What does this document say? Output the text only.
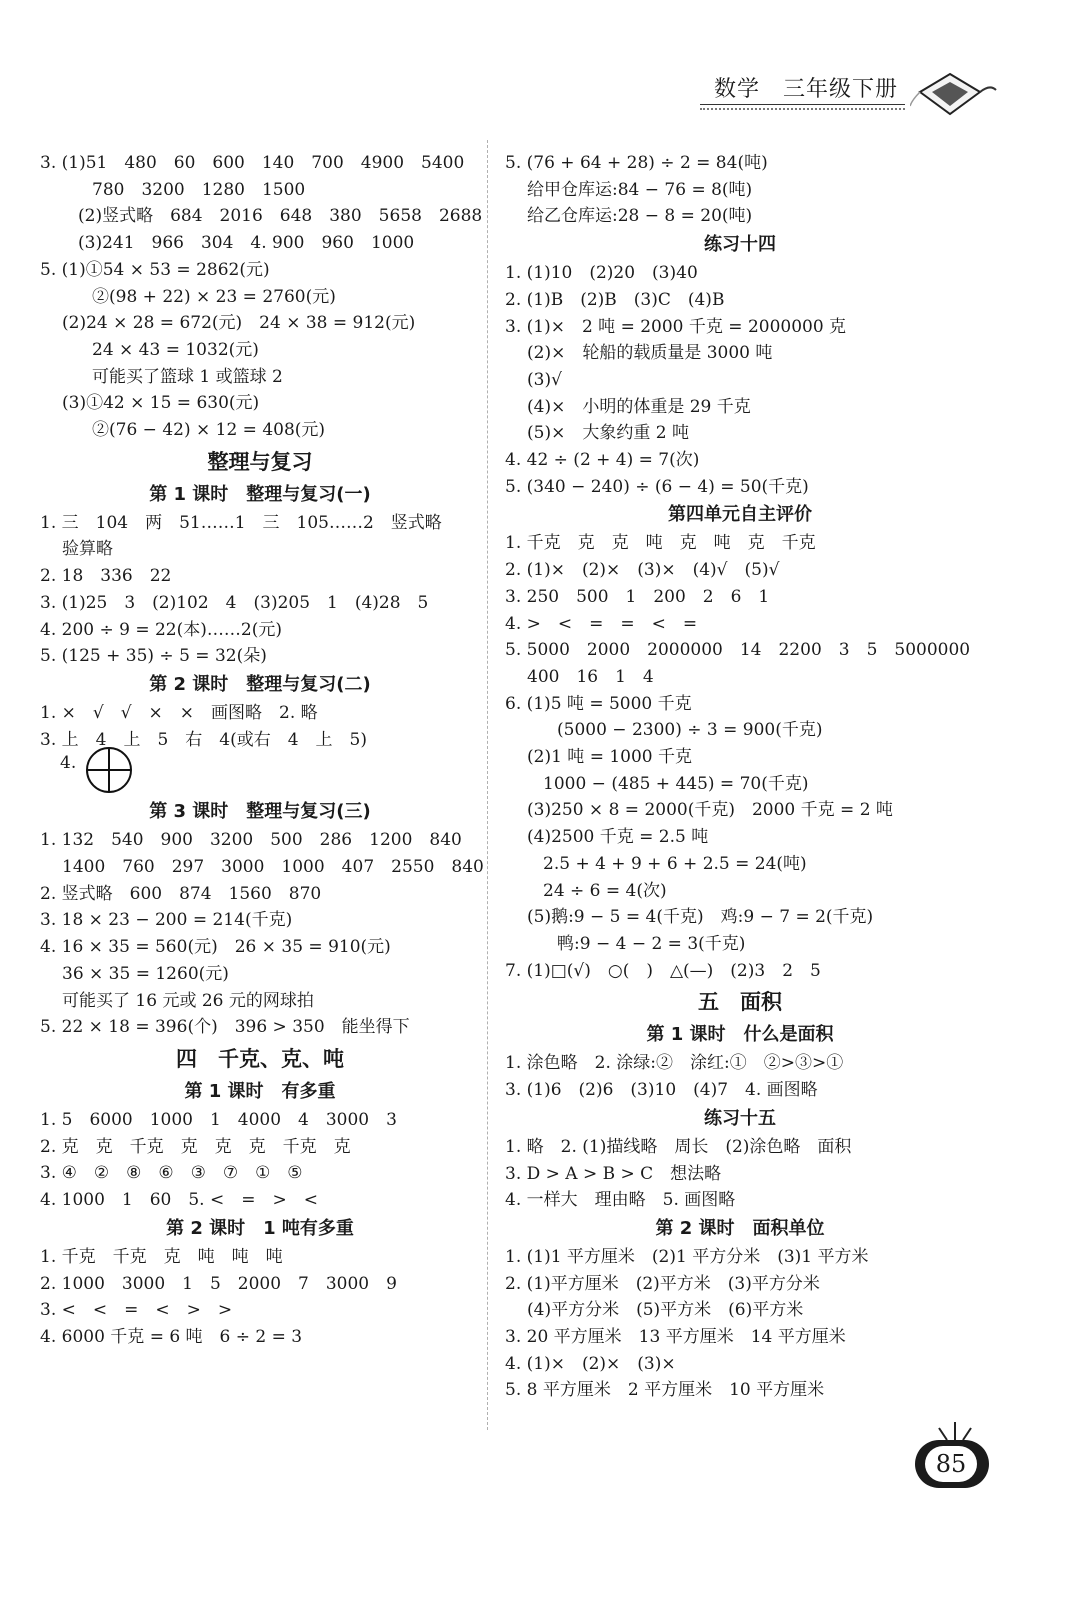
数学　三年级下册
3. (1)51　480　60　600　140　700　4900　5400
780　3200　1280　1500
(2)竖式略　684　2016　648　380　5658　2688
(3)241　966　304　4. 900　960　1000
5. (1)①54 × 53 = 2862(元)
②(98 + 22) × 23 = 2760(元)
(2)24 × 28 = 672(元)　24 × 38 = 912(元)
24 × 43 = 1032(元)
可能买了篮球 1 或篮球 2
(3)①42 × 15 = 630(元)
②(76 − 42) × 12 = 408(元)
整理与复习
第 1 课时　整理与复习(一)
1. 三　104　两　51……1　三　105……2　竖式略
验算略
2. 18　336　22
3. (1)25　3　(2)102　4　(3)205　1　(4)28　5
4. 200 ÷ 9 = 22(本)……2(元)
5. (125 + 35) ÷ 5 = 32(朵)
第 2 课时　整理与复习(二)
1. ×　√　√　×　×　画图略　2. 略
3. 上　4　上　5　右　4(或右　4　上　5)
4.
第 3 课时　整理与复习(三)
1. 132　540　900　3200　500　286　1200　840
1400　760　297　3000　1000　407　2550　840
2. 竖式略　600　874　1560　870
3. 18 × 23 − 200 = 214(千克)
4. 16 × 35 = 560(元)　26 × 35 = 910(元)
36 × 35 = 1260(元)
可能买了 16 元或 26 元的网球拍
5. 22 × 18 = 396(个)　396 > 350　能坐得下
四　千克、克、吨
第 1 课时　有多重
1. 5　6000　1000　1　4000　4　3000　3
2. 克　克　千克　克　克　克　千克　克
3. ④　②　⑧　⑥　③　⑦　①　⑤
4. 1000　1　60　5. <　=　>　<
第 2 课时　1 吨有多重
1. 千克　千克　克　吨　吨　吨
2. 1000　3000　1　5　2000　7　3000　9
3. <　<　=　<　>　>
4. 6000 千克 = 6 吨　6 ÷ 2 = 3
5. (76 + 64 + 28) ÷ 2 = 84(吨)
给甲仓库运:84 − 76 = 8(吨)
给乙仓库运:28 − 8 = 20(吨)
练习十四
1. (1)10　(2)20　(3)40
2. (1)B　(2)B　(3)C　(4)B
3. (1)×　2 吨 = 2000 千克 = 2000000 克
(2)×　轮船的载质量是 3000 吨
(3)√
(4)×　小明的体重是 29 千克
(5)×　大象约重 2 吨
4. 42 ÷ (2 + 4) = 7(次)
5. (340 − 240) ÷ (6 − 4) = 50(千克)
第四单元自主评价
1. 千克　克　克　吨　克　吨　克　千克
2. (1)×　(2)×　(3)×　(4)√　(5)√
3. 250　500　1　200　2　6　1
4. >　<　=　=　<　=
5. 5000　2000　2000000　14　2200　3　5　5000000
400　16　1　4
6. (1)5 吨 = 5000 千克
(5000 − 2300) ÷ 3 = 900(千克)
(2)1 吨 = 1000 千克
1000 − (485 + 445) = 70(千克)
(3)250 × 8 = 2000(千克)　2000 千克 = 2 吨
(4)2500 千克 = 2.5 吨
2.5 + 4 + 9 + 6 + 2.5 = 24(吨)
24 ÷ 6 = 4(次)
(5)鹅:9 − 5 = 4(千克)　鸡:9 − 7 = 2(千克)
鸭:9 − 4 − 2 = 3(千克)
7. (1)□(√)　○(　)　△(—)　(2)3　2　5
五　面积
第 1 课时　什么是面积
1. 涂色略　2. 涂绿:②　涂红:①　②>③>①
3. (1)6　(2)6　(3)10　(4)7　4. 画图略
练习十五
1. 略　2. (1)描线略　周长　(2)涂色略　面积
3. D > A > B > C　想法略
4. 一样大　理由略　5. 画图略
第 2 课时　面积单位
1. (1)1 平方厘米　(2)1 平方分米　(3)1 平方米
2. (1)平方厘米　(2)平方米　(3)平方分米
(4)平方分米　(5)平方米　(6)平方米
3. 20 平方厘米　13 平方厘米　14 平方厘米
4. (1)×　(2)×　(3)×
5. 8 平方厘米　2 平方厘米　10 平方厘米
85
